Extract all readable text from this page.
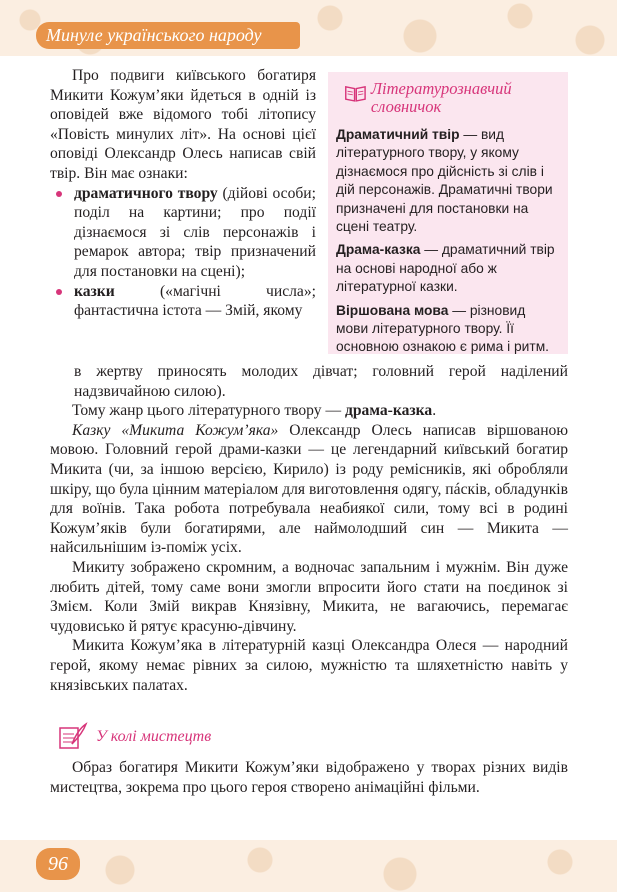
Минуле українського народу

Про подвиги київського богатиря Микити Кожум’яки йдеться в одній із оповідей вже відомого тобі літопису «Повість минулих літ». На основі цієї оповіді Олександр Олесь написав свій твір. Він має ознаки:

драматичного твору (дійові особи; поділ на картини; про події дізнаємося зі слів персонажів і ремарок автора; твір призначений для постановки на сцені);
казки («магічні числа»; фантастична істота — Змій, якому
Літературознавчий словничок
Драматичний твір — вид літературного твору, у якому дізнаємося про дійсність зі слів і дій персонажів. Драматичні твори призначені для постановки на сцені театру.
Драма-казка — драматичний твір на основі народної або ж літературної казки.
Віршована мова — різновид мови літературного твору. Її основною ознакою є рима і ритм.

в жертву приносять молодих дівчат; головний герой наділений надзвичайною силою).

Тому жанр цього літературного твору — драма-казка.

Казку «Микита Кожум’яка» Олександр Олесь написав віршованою мовою. Головний герой драми-казки — це легендарний київський богатир Микита (чи, за іншою версією, Кирило) із роду ремісників, які обробляли шкіру, що була цінним матеріалом для виготовлення одягу, пáсків, обладунків для воїнів. Така робота потребувала неабиякої сили, тому всі в родині Кожум’яків були богатирями, але наймолодший син — Микита — найсильнішим із-поміж усіх.

Микиту зображено скромним, а водночас запальним і мужнім. Він дуже любить дітей, тому саме вони змогли впросити його стати на поєдинок зі Змієм. Коли Змій викрав Князівну, Микита, не вагаючись, перемагає чудовисько й рятує красуню-дівчину.

Микита Кожум’яка в літературній казці Олександра Олеся — народний герой, якому немає рівних за силою, мужністю та шляхетністю навіть у князівських палатах.

У колі мистецтв

Образ богатиря Микити Кожум’яки відображено у творах різних видів мистецтва, зокрема про цього героя створено анімаційні фільми.

96
